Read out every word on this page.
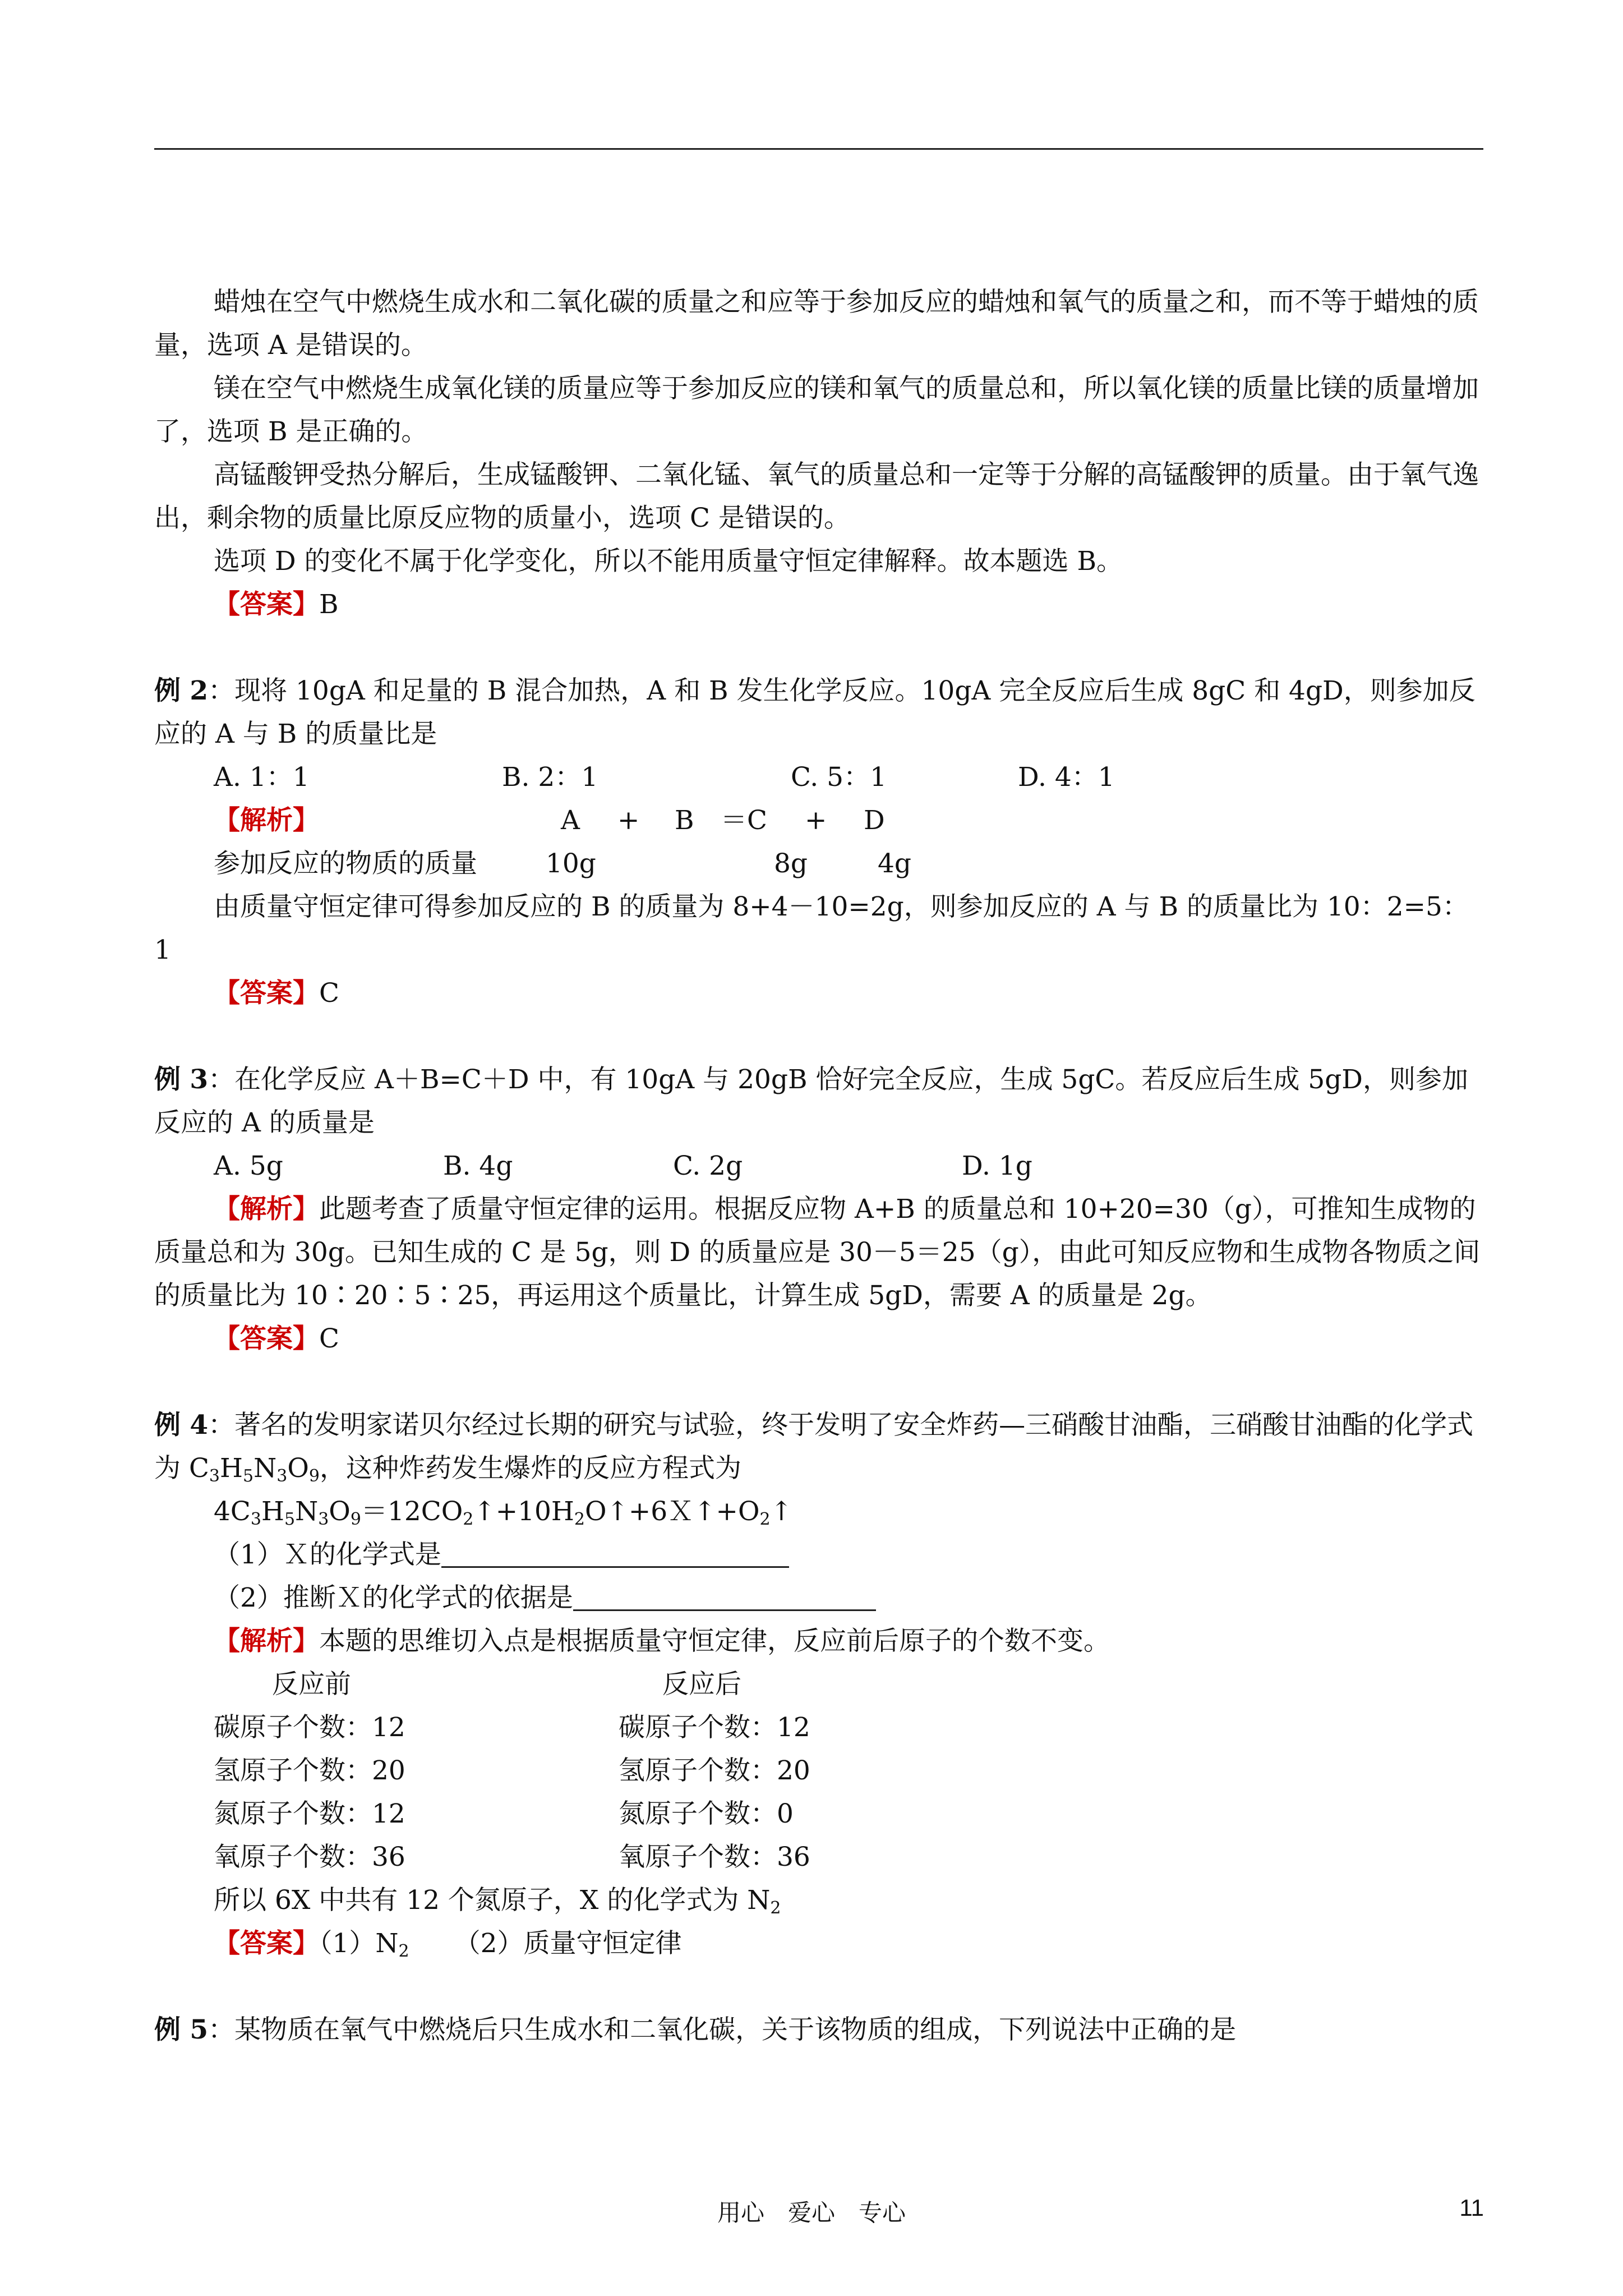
蜡烛在空气中燃烧生成水和二氧化碳的质量之和应等于参加反应的蜡烛和氧气的质量之和，而不等于蜡烛的质量，选项 A 是错误的。

镁在空气中燃烧生成氧化镁的质量应等于参加反应的镁和氧气的质量总和，所以氧化镁的质量比镁的质量增加了，选项 B 是正确的。

高锰酸钾受热分解后，生成锰酸钾、二氧化锰、氧气的质量总和一定等于分解的高锰酸钾的质量。由于氧气逸出，剩余物的质量比原反应物的质量小，选项 C 是错误的。

选项 D 的变化不属于化学变化，所以不能用质量守恒定律解释。故本题选 B。

【答案】B

例 2：现将 10gA 和足量的 B 混合加热，A 和 B 发生化学反应。10gA 完全反应后生成 8gC 和 4gD，则参加反应的 A 与 B 的质量比是

A. 1：1	B. 2：1	C. 5：1	D. 4：1
【解析】	A + B ＝C + D
参加反应的物质的质量	10g	8g	4g

由质量守恒定律可得参加反应的 B 的质量为 8+4－10=2g，则参加反应的 A 与 B 的质量比为 10：2=5：1

【答案】C

例 3：在化学反应 A＋B=C＋D 中，有 10gA 与 20gB 恰好完全反应，生成 5gC。若反应后生成 5gD，则参加反应的 A 的质量是

A. 5g	B. 4g	C. 2g	D. 1g

【解析】此题考查了质量守恒定律的运用。根据反应物 A+B 的质量总和 10+20=30（g），可推知生成物的质量总和为 30g。已知生成的 C 是 5g，则 D 的质量应是 30－5＝25（g），由此可知反应物和生成物各物质之间的质量比为 10∶20∶5∶25，再运用这个质量比，计算生成 5gD，需要 A 的质量是 2g。

【答案】C

例 4：著名的发明家诺贝尔经过长期的研究与试验，终于发明了安全炸药—三硝酸甘油酯，三硝酸甘油酯的化学式为 $C_3H_5N_3O_9$，这种炸药发生爆炸的反应方程式为

$4C_3H_5N_3O_9=12CO_2↑+10H_2O↑+6X↑+O_2↑$

（1）Ｘ的化学式是

（2）推断Ｘ的化学式的依据是

【解析】本题的思维切入点是根据质量守恒定律，反应前后原子的个数不变。

反应前	反应后
碳原子个数：12	碳原子个数：12
氢原子个数：20	氢原子个数：20
氮原子个数：12	氮原子个数：0
氧原子个数：36	氧原子个数：36

所以 6X 中共有 12 个氮原子，X 的化学式为 $N_2$

【答案】$(1)N_2$ （2）质量守恒定律

例 5：某物质在氧气中燃烧后只生成水和二氧化碳，关于该物质的组成，下列说法中正确的是

用心　爱心　专心	11
